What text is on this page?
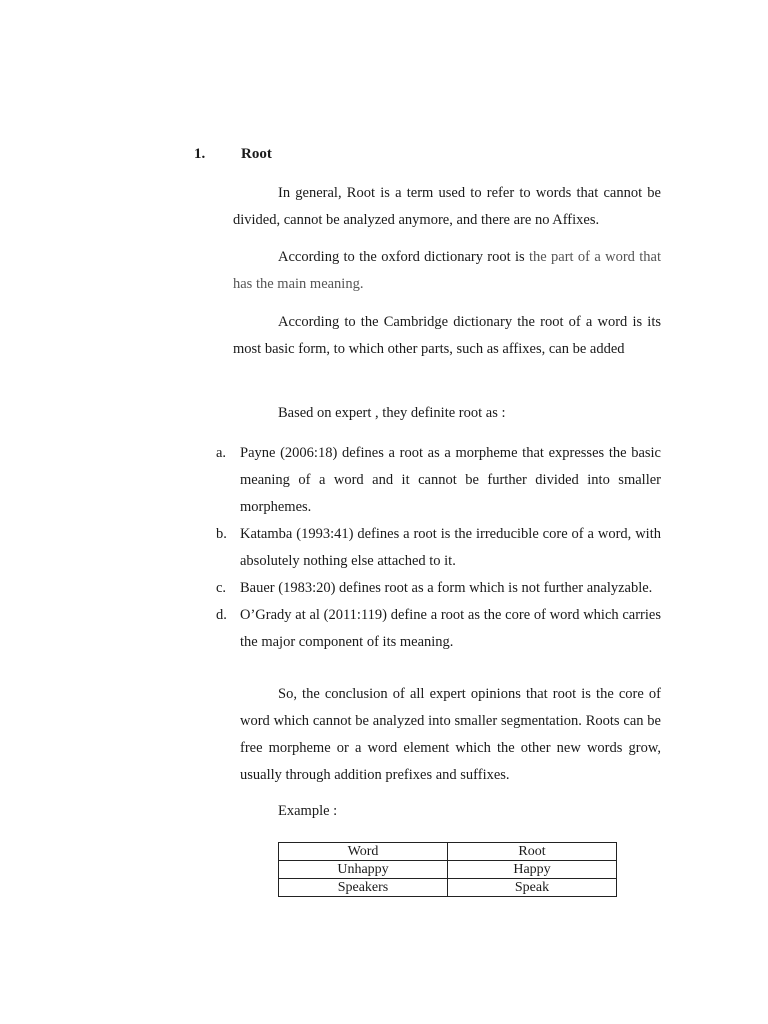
1. Root

In general, Root is a term used to refer to words that cannot be divided, cannot be analyzed anymore, and there are no Affixes.

According to the oxford dictionary root is the part of a word that has the main meaning.

According to the Cambridge dictionary the root of a word is its most basic form, to which other parts, such as affixes, can be added

Based on expert , they definite root as :

a. Payne (2006:18) defines a root as a morpheme that expresses the basic meaning of a word and it cannot be further divided into smaller morphemes.
b. Katamba (1993:41) defines a root is the irreducible core of a word, with absolutely nothing else attached to it.
c. Bauer (1983:20) defines root as a form which is not further analyzable.
d. O’Grady at al (2011:119) define a root as the core of word which carries the major component of its meaning.

So, the conclusion of all expert opinions that root is the core of word which cannot be analyzed into smaller segmentation. Roots can be free morpheme or a word element which the other new words grow, usually through addition prefixes and suffixes.

Example :
Word	Root
Unhappy	Happy
Speakers	Speak
